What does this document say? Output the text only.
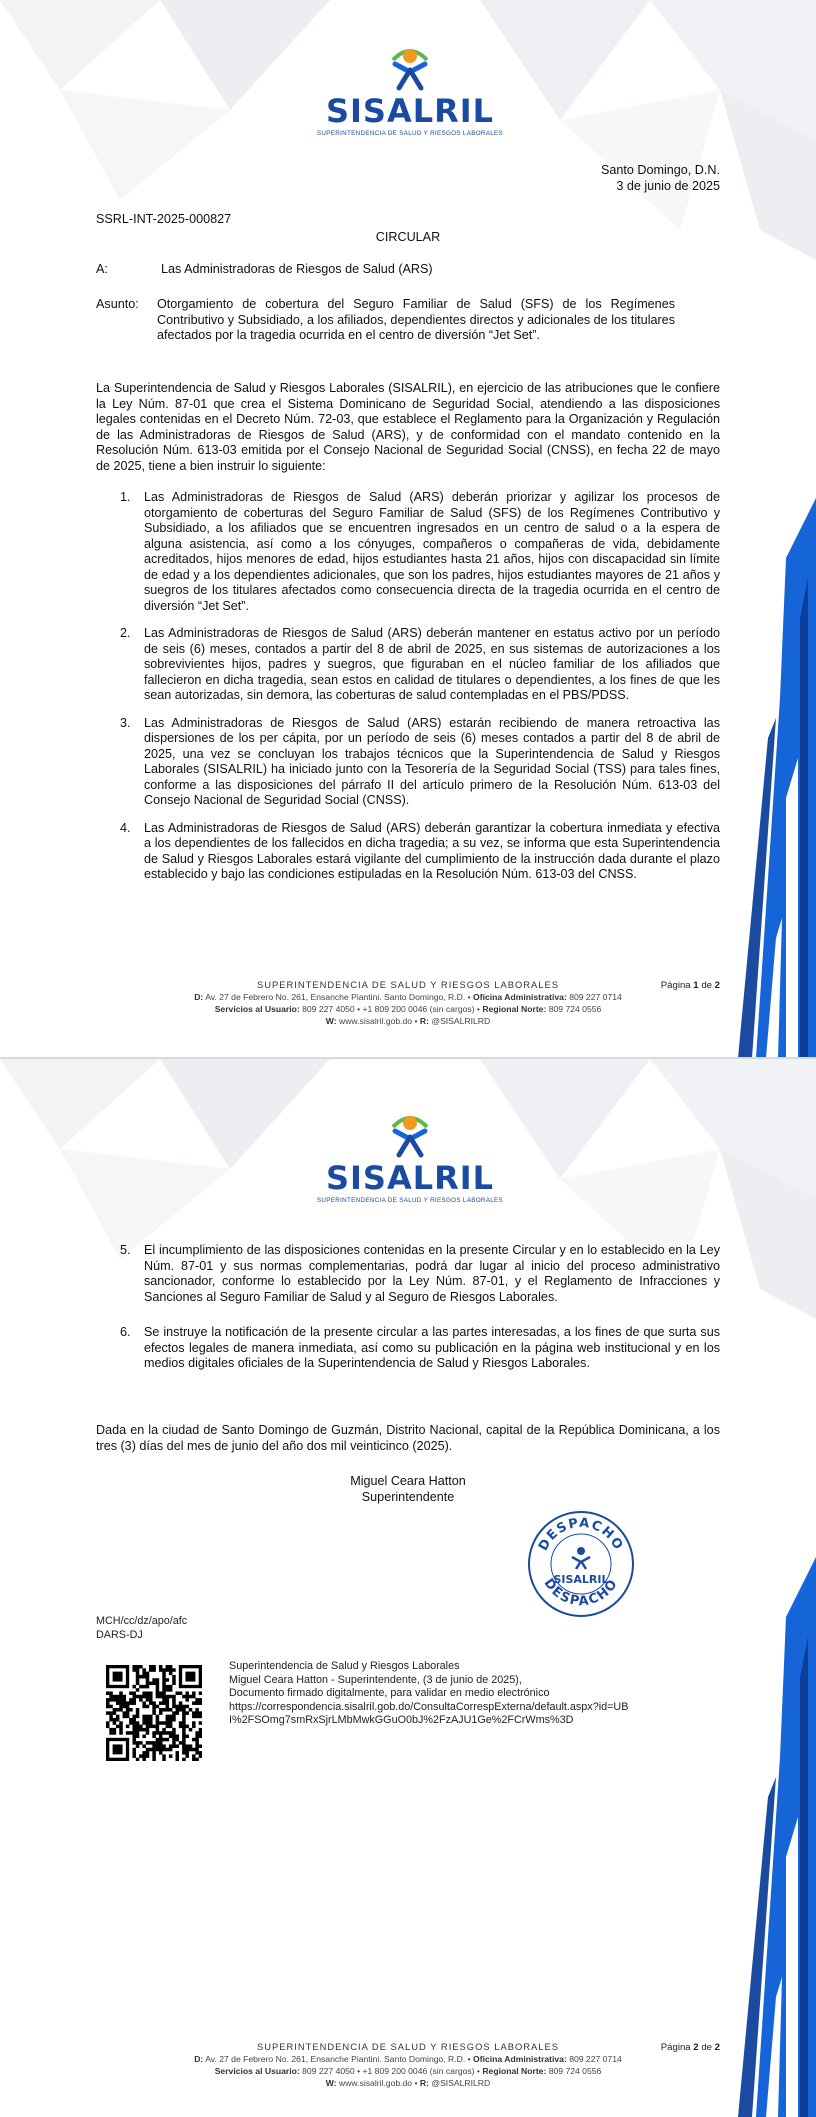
SISALRIL
SUPERINTENDENCIA DE SALUD Y RIESGOS LABORALES
Santo Domingo, D.N.
3 de junio de 2025
SSRL-INT-2025-000827
CIRCULAR
A:	Las Administradoras de Riesgos de Salud (ARS)
Asunto:	Otorgamiento de cobertura del Seguro Familiar de Salud (SFS) de los Regímenes Contributivo y Subsidiado, a los afiliados, dependientes directos y adicionales de los titulares afectados por la tragedia ocurrida en el centro de diversión “Jet Set”.
La Superintendencia de Salud y Riesgos Laborales (SISALRIL), en ejercicio de las atribuciones que le confiere la Ley Núm. 87-01 que crea el Sistema Dominicano de Seguridad Social, atendiendo a las disposiciones legales contenidas en el Decreto Núm. 72-03, que establece el Reglamento para la Organización y Regulación de las Administradoras de Riesgos de Salud (ARS), y de conformidad con el mandato contenido en la Resolución Núm. 613-03 emitida por el Consejo Nacional de Seguridad Social (CNSS), en fecha 22 de mayo de 2025, tiene a bien instruir lo siguiente:
1. Las Administradoras de Riesgos de Salud (ARS) deberán priorizar y agilizar los procesos de otorgamiento de coberturas del Seguro Familiar de Salud (SFS) de los Regímenes Contributivo y Subsidiado, a los afiliados que se encuentren ingresados en un centro de salud o a la espera de alguna asistencia, así como a los cónyuges, compañeros o compañeras de vida, debidamente acreditados, hijos menores de edad, hijos estudiantes hasta 21 años, hijos con discapacidad sin límite de edad y a los dependientes adicionales, que son los padres, hijos estudiantes mayores de 21 años y suegros de los titulares afectados como consecuencia directa de la tragedia ocurrida en el centro de diversión “Jet Set”.
2. Las Administradoras de Riesgos de Salud (ARS) deberán mantener en estatus activo por un período de seis (6) meses, contados a partir del 8 de abril de 2025, en sus sistemas de autorizaciones a los sobrevivientes hijos, padres y suegros, que figuraban en el núcleo familiar de los afiliados que fallecieron en dicha tragedia, sean estos en calidad de titulares o dependientes, a los fines de que les sean autorizadas, sin demora, las coberturas de salud contempladas en el PBS/PDSS.
3. Las Administradoras de Riesgos de Salud (ARS) estarán recibiendo de manera retroactiva las dispersiones de los per cápita, por un período de seis (6) meses contados a partir del 8 de abril de 2025, una vez se concluyan los trabajos técnicos que la Superintendencia de Salud y Riesgos Laborales (SISALRIL) ha iniciado junto con la Tesorería de la Seguridad Social (TSS) para tales fines, conforme a las disposiciones del párrafo II del artículo primero de la Resolución Núm. 613-03 del Consejo Nacional de Seguridad Social (CNSS).
4. Las Administradoras de Riesgos de Salud (ARS) deberán garantizar la cobertura inmediata y efectiva a los dependientes de los fallecidos en dicha tragedia; a su vez, se informa que esta Superintendencia de Salud y Riesgos Laborales estará vigilante del cumplimiento de la instrucción dada durante el plazo establecido y bajo las condiciones estipuladas en la Resolución Núm. 613-03 del CNSS.
Página 1 de 2
SUPERINTENDENCIA DE SALUD Y RIESGOS LABORALES
D: Av. 27 de Febrero No. 261, Ensanche Piantini. Santo Domingo, R.D. • Oficina Administrativa: 809 227 0714
Servicios al Usuario: 809 227 4050 • +1 809 200 0046 (sin cargos) • Regional Norte: 809 724 0556
W: www.sisalril.gob.do • R: @SISALRILRD
SISALRIL
SUPERINTENDENCIA DE SALUD Y RIESGOS LABORALES
5. El incumplimiento de las disposiciones contenidas en la presente Circular y en lo establecido en la Ley Núm. 87-01 y sus normas complementarias, podrá dar lugar al inicio del proceso administrativo sancionador, conforme lo establecido por la Ley Núm. 87-01, y el Reglamento de Infracciones y Sanciones al Seguro Familiar de Salud y al Seguro de Riesgos Laborales.
6. Se instruye la notificación de la presente circular a las partes interesadas, a los fines de que surta sus efectos legales de manera inmediata, así como su publicación en la página web institucional y en los medios digitales oficiales de la Superintendencia de Salud y Riesgos Laborales.
Dada en la ciudad de Santo Domingo de Guzmán, Distrito Nacional, capital de la República Dominicana, a los tres (3) días del mes de junio del año dos mil veinticinco (2025).
Miguel Ceara Hatton
Superintendente
DESPACHO
DESPACHO
SISALRIL
MCH/cc/dz/apo/afc
DARS-DJ
Superintendencia de Salud y Riesgos Laborales
Miguel Ceara Hatton - Superintendente, (3 de junio de 2025),
Documento firmado digitalmente, para validar en medio electrónico
https://correspondencia.sisalril.gob.do/ConsultaCorrespExterna/default.aspx?id=UB
I%2FSOmg7smRxSjrLMbMwkGGuO0bJ%2FzAJU1Ge%2FCrWms%3D
Página 2 de 2
SUPERINTENDENCIA DE SALUD Y RIESGOS LABORALES
D: Av. 27 de Febrero No. 261, Ensanche Piantini. Santo Domingo, R.D. • Oficina Administrativa: 809 227 0714
Servicios al Usuario: 809 227 4050 • +1 809 200 0046 (sin cargos) • Regional Norte: 809 724 0556
W: www.sisalril.gob.do • R: @SISALRILRD
